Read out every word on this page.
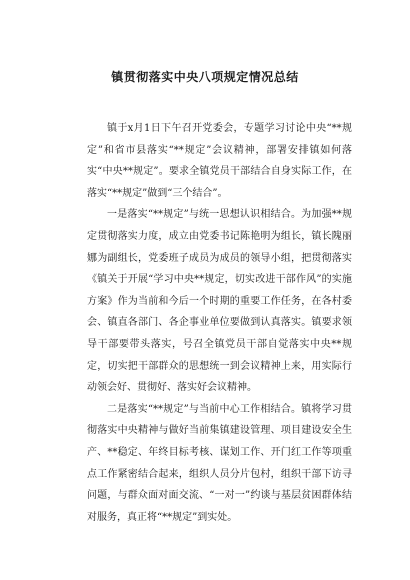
镇贯彻落实中央八项规定情况总结

镇于x月1日下午召开党委会，专题学习讨论中央“**规定”和省市县落实“**规定”会议精神，部署安排镇如何落实“中央**规定”。要求全镇党员干部结合自身实际工作，在落实“**规定”做到“三个结合”。

一是落实“**规定”与统一思想认识相结合。为加强**规定贯彻落实力度，成立由党委书记陈艳明为组长，镇长隗丽娜为副组长，党委班子成员为成员的领导小组，把贯彻落实《镇关于开展“学习中央**规定，切实改进干部作风”的实施方案》作为当前和今后一个时期的重要工作任务，在各村委会、镇直各部门、各企事业单位要做到认真落实。镇要求领导干部要带头落实，号召全镇党员干部自觉落实中央**规定，切实把干部群众的思想统一到会议精神上来，用实际行动领会好、贯彻好、落实好会议精神。

二是落实“**规定”与当前中心工作相结合。镇将学习贯彻落实中央精神与做好当前集镇建设管理、项目建设安全生产、**稳定、年终目标考核、谋划工作、开门红工作等项重点工作紧密结合起来，组织人员分片包村，组织干部下访寻问题，与群众面对面交流、“一对一”约谈与基层贫困群体结对服务，真正将“**规定”到实处。
